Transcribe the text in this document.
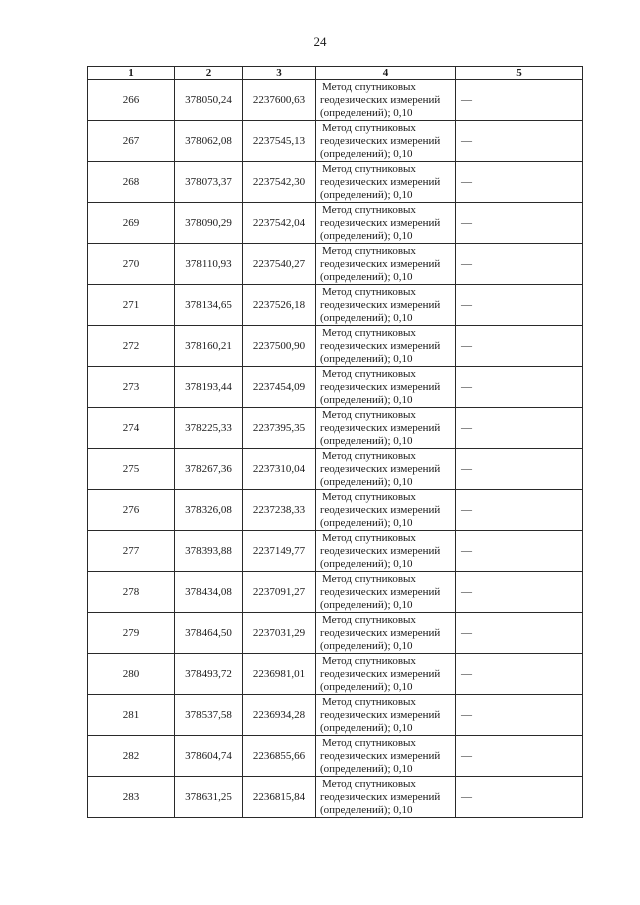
24
1	2	3	4	5
266	378050,24	2237600,63	Метод спутниковых
геодезических измерений
(определений); 0,10	—
267	378062,08	2237545,13	Метод спутниковых
геодезических измерений
(определений); 0,10	—
268	378073,37	2237542,30	Метод спутниковых
геодезических измерений
(определений); 0,10	—
269	378090,29	2237542,04	Метод спутниковых
геодезических измерений
(определений); 0,10	—
270	378110,93	2237540,27	Метод спутниковых
геодезических измерений
(определений); 0,10	—
271	378134,65	2237526,18	Метод спутниковых
геодезических измерений
(определений); 0,10	—
272	378160,21	2237500,90	Метод спутниковых
геодезических измерений
(определений); 0,10	—
273	378193,44	2237454,09	Метод спутниковых
геодезических измерений
(определений); 0,10	—
274	378225,33	2237395,35	Метод спутниковых
геодезических измерений
(определений); 0,10	—
275	378267,36	2237310,04	Метод спутниковых
геодезических измерений
(определений); 0,10	—
276	378326,08	2237238,33	Метод спутниковых
геодезических измерений
(определений); 0,10	—
277	378393,88	2237149,77	Метод спутниковых
геодезических измерений
(определений); 0,10	—
278	378434,08	2237091,27	Метод спутниковых
геодезических измерений
(определений); 0,10	—
279	378464,50	2237031,29	Метод спутниковых
геодезических измерений
(определений); 0,10	—
280	378493,72	2236981,01	Метод спутниковых
геодезических измерений
(определений); 0,10	—
281	378537,58	2236934,28	Метод спутниковых
геодезических измерений
(определений); 0,10	—
282	378604,74	2236855,66	Метод спутниковых
геодезических измерений
(определений); 0,10	—
283	378631,25	2236815,84	Метод спутниковых
геодезических измерений
(определений); 0,10	—
